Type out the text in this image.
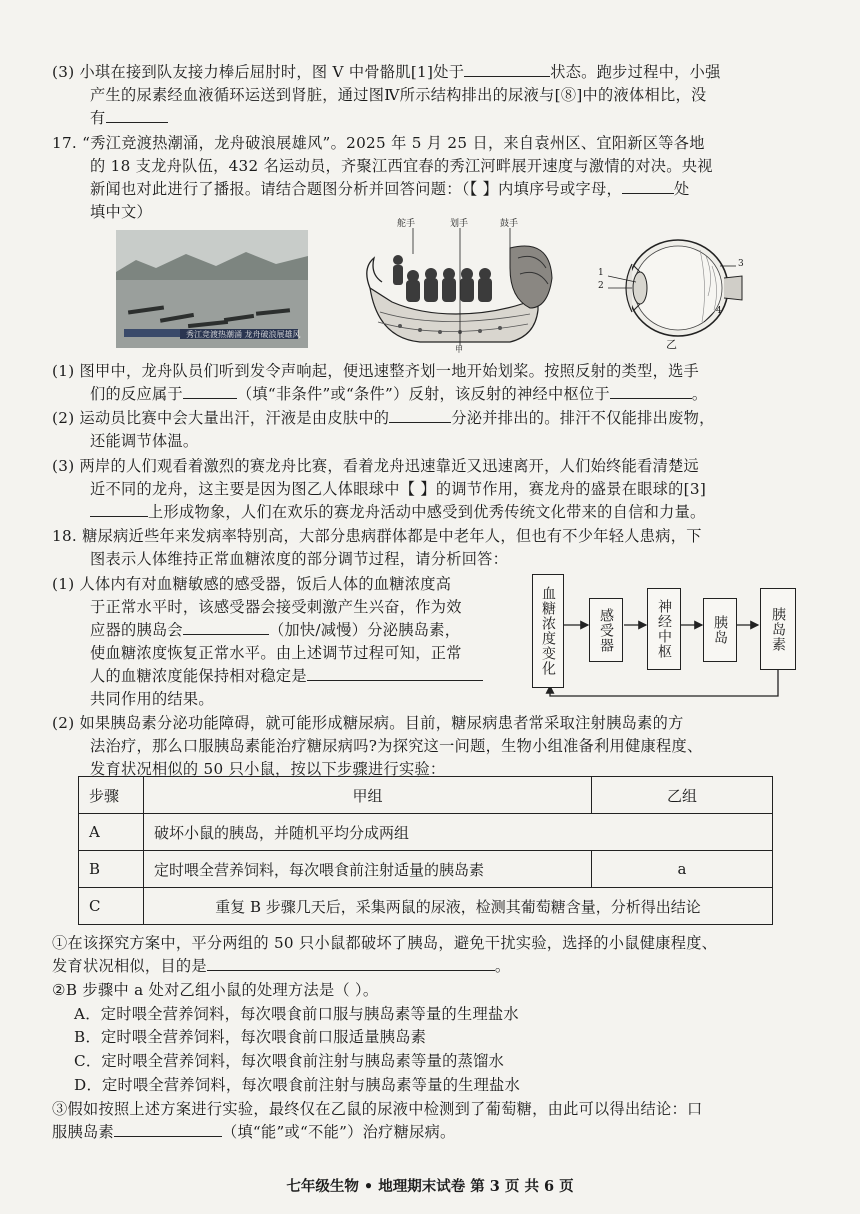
(3) 小琪在接到队友接力棒后屈肘时，图 V 中骨骼肌[1]处于	状态。跑步过程中，小强
产生的尿素经血液循环运送到肾脏，通过图Ⅳ所示结构排出的尿液与[⑧]中的液体相比，没
有
17. “秀江竞渡热潮涌，龙舟破浪展雄风”。2025 年 5 月 25 日，来自袁州区、宜阳新区等各地
的 18 支龙舟队伍，432 名运动员，齐聚江西宜春的秀江河畔展开速度与激情的对决。央视
新闻也对此进行了播报。请结合题图分析并回答问题：（【 】内填序号或字母，	处
填中文）
秀江竞渡热潮涌 龙舟破浪展雄风
舵手	划手	鼓手
甲
1
2
3
4
乙
(1) 图甲中，龙舟队员们听到发令声响起，便迅速整齐划一地开始划桨。按照反射的类型，选手
们的反应属于	（填“非条件”或“条件”）反射，该反射的神经中枢位于	。
(2) 运动员比赛中会大量出汗，汗液是由皮肤中的	分泌并排出的。排汗不仅能排出废物，
还能调节体温。
(3) 两岸的人们观看着激烈的赛龙舟比赛，看着龙舟迅速靠近又迅速离开，人们始终能看清楚远
近不同的龙舟，这主要是因为图乙人体眼球中【 】的调节作用，赛龙舟的盛景在眼球的[3]
上形成物象，人们在欢乐的赛龙舟活动中感受到优秀传统文化带来的自信和力量。
18. 糖尿病近些年来发病率特别高，大部分患病群体都是中老年人，但也有不少年轻人患病，下
图表示人体维持正常血糖浓度的部分调节过程，请分析回答：
(1) 人体内有对血糖敏感的感受器，饭后人体的血糖浓度高
于正常水平时，该感受器会接受刺激产生兴奋，作为效
应器的胰岛会	（加快/减慢）分泌胰岛素，
使血糖浓度恢复正常水平。由上述调节过程可知，正常
人的血糖浓度能保持相对稳定是
共同作用的结果。
血糖浓度变化	感受器	神经中枢	胰岛	胰岛素
(2) 如果胰岛素分泌功能障碍，就可能形成糖尿病。目前，糖尿病患者常采取注射胰岛素的方
法治疗，那么口服胰岛素能治疗糖尿病吗?为探究这一问题，生物小组准备利用健康程度、
发育状况相似的 50 只小鼠，按以下步骤进行实验：
步骤	甲组	乙组
A	破坏小鼠的胰岛，并随机平均分成两组	
B	定时喂全营养饲料，每次喂食前注射适量的胰岛素	a
C	重复 B 步骤几天后，采集两鼠的尿液，检测其葡萄糖含量，分析得出结论	
①在该探究方案中，平分两组的 50 只小鼠都破坏了胰岛，避免干扰实验，选择的小鼠健康程度、
发育状况相似，目的是	。
②B 步骤中 a 处对乙组小鼠的处理方法是（ ）。
A．定时喂全营养饲料，每次喂食前口服与胰岛素等量的生理盐水
B．定时喂全营养饲料，每次喂食前口服适量胰岛素
C．定时喂全营养饲料，每次喂食前注射与胰岛素等量的蒸馏水
D．定时喂全营养饲料，每次喂食前注射与胰岛素等量的生理盐水
③假如按照上述方案进行实验，最终仅在乙鼠的尿液中检测到了葡萄糖，由此可以得出结论：口
服胰岛素	（填“能”或“不能”）治疗糖尿病。
七年级生物 • 地理期末试卷 第 3 页 共 6 页
